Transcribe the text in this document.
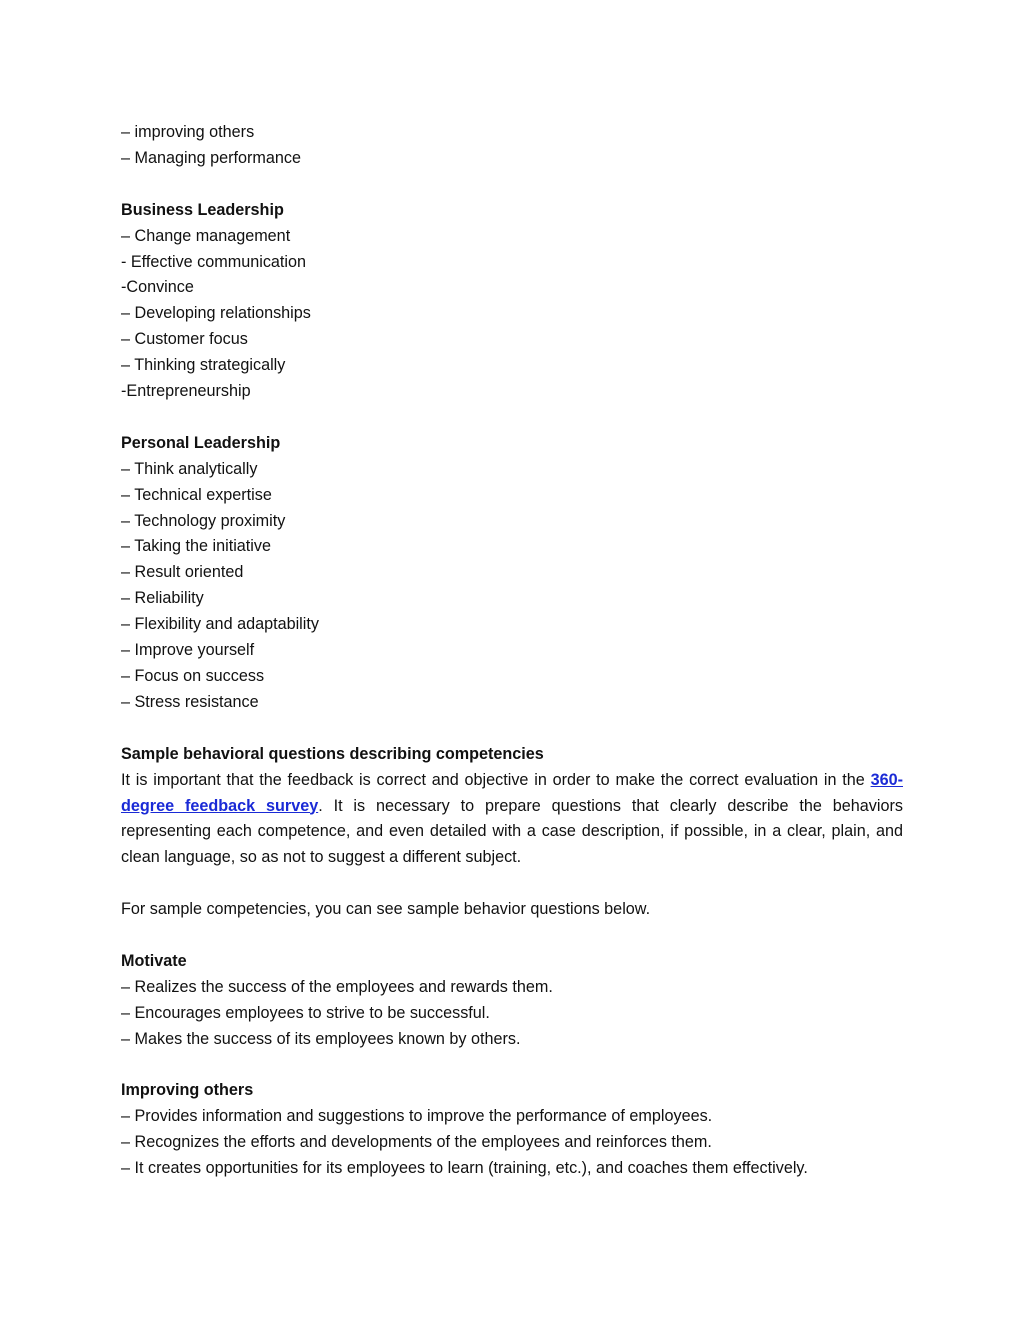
– improving others
– Managing performance
Business Leadership
– Change management
- Effective communication
-Convince
– Developing relationships
– Customer focus
– Thinking strategically
-Entrepreneurship
Personal Leadership
– Think analytically
– Technical expertise
– Technology proximity
– Taking the initiative
– Result oriented
– Reliability
– Flexibility and adaptability
– Improve yourself
– Focus on success
– Stress resistance
Sample behavioral questions describing competencies

It is important that the feedback is correct and objective in order to make the correct evaluation in the 360-degree feedback survey. It is necessary to prepare questions that clearly describe the behaviors representing each competence, and even detailed with a case description, if possible, in a clear, plain, and clean language, so as not to suggest a different subject.

For sample competencies, you can see sample behavior questions below.
Motivate
– Realizes the success of the employees and rewards them.
– Encourages employees to strive to be successful.
– Makes the success of its employees known by others.
Improving others
– Provides information and suggestions to improve the performance of employees.
– Recognizes the efforts and developments of the employees and reinforces them.
– It creates opportunities for its employees to learn (training, etc.), and coaches them effectively.
